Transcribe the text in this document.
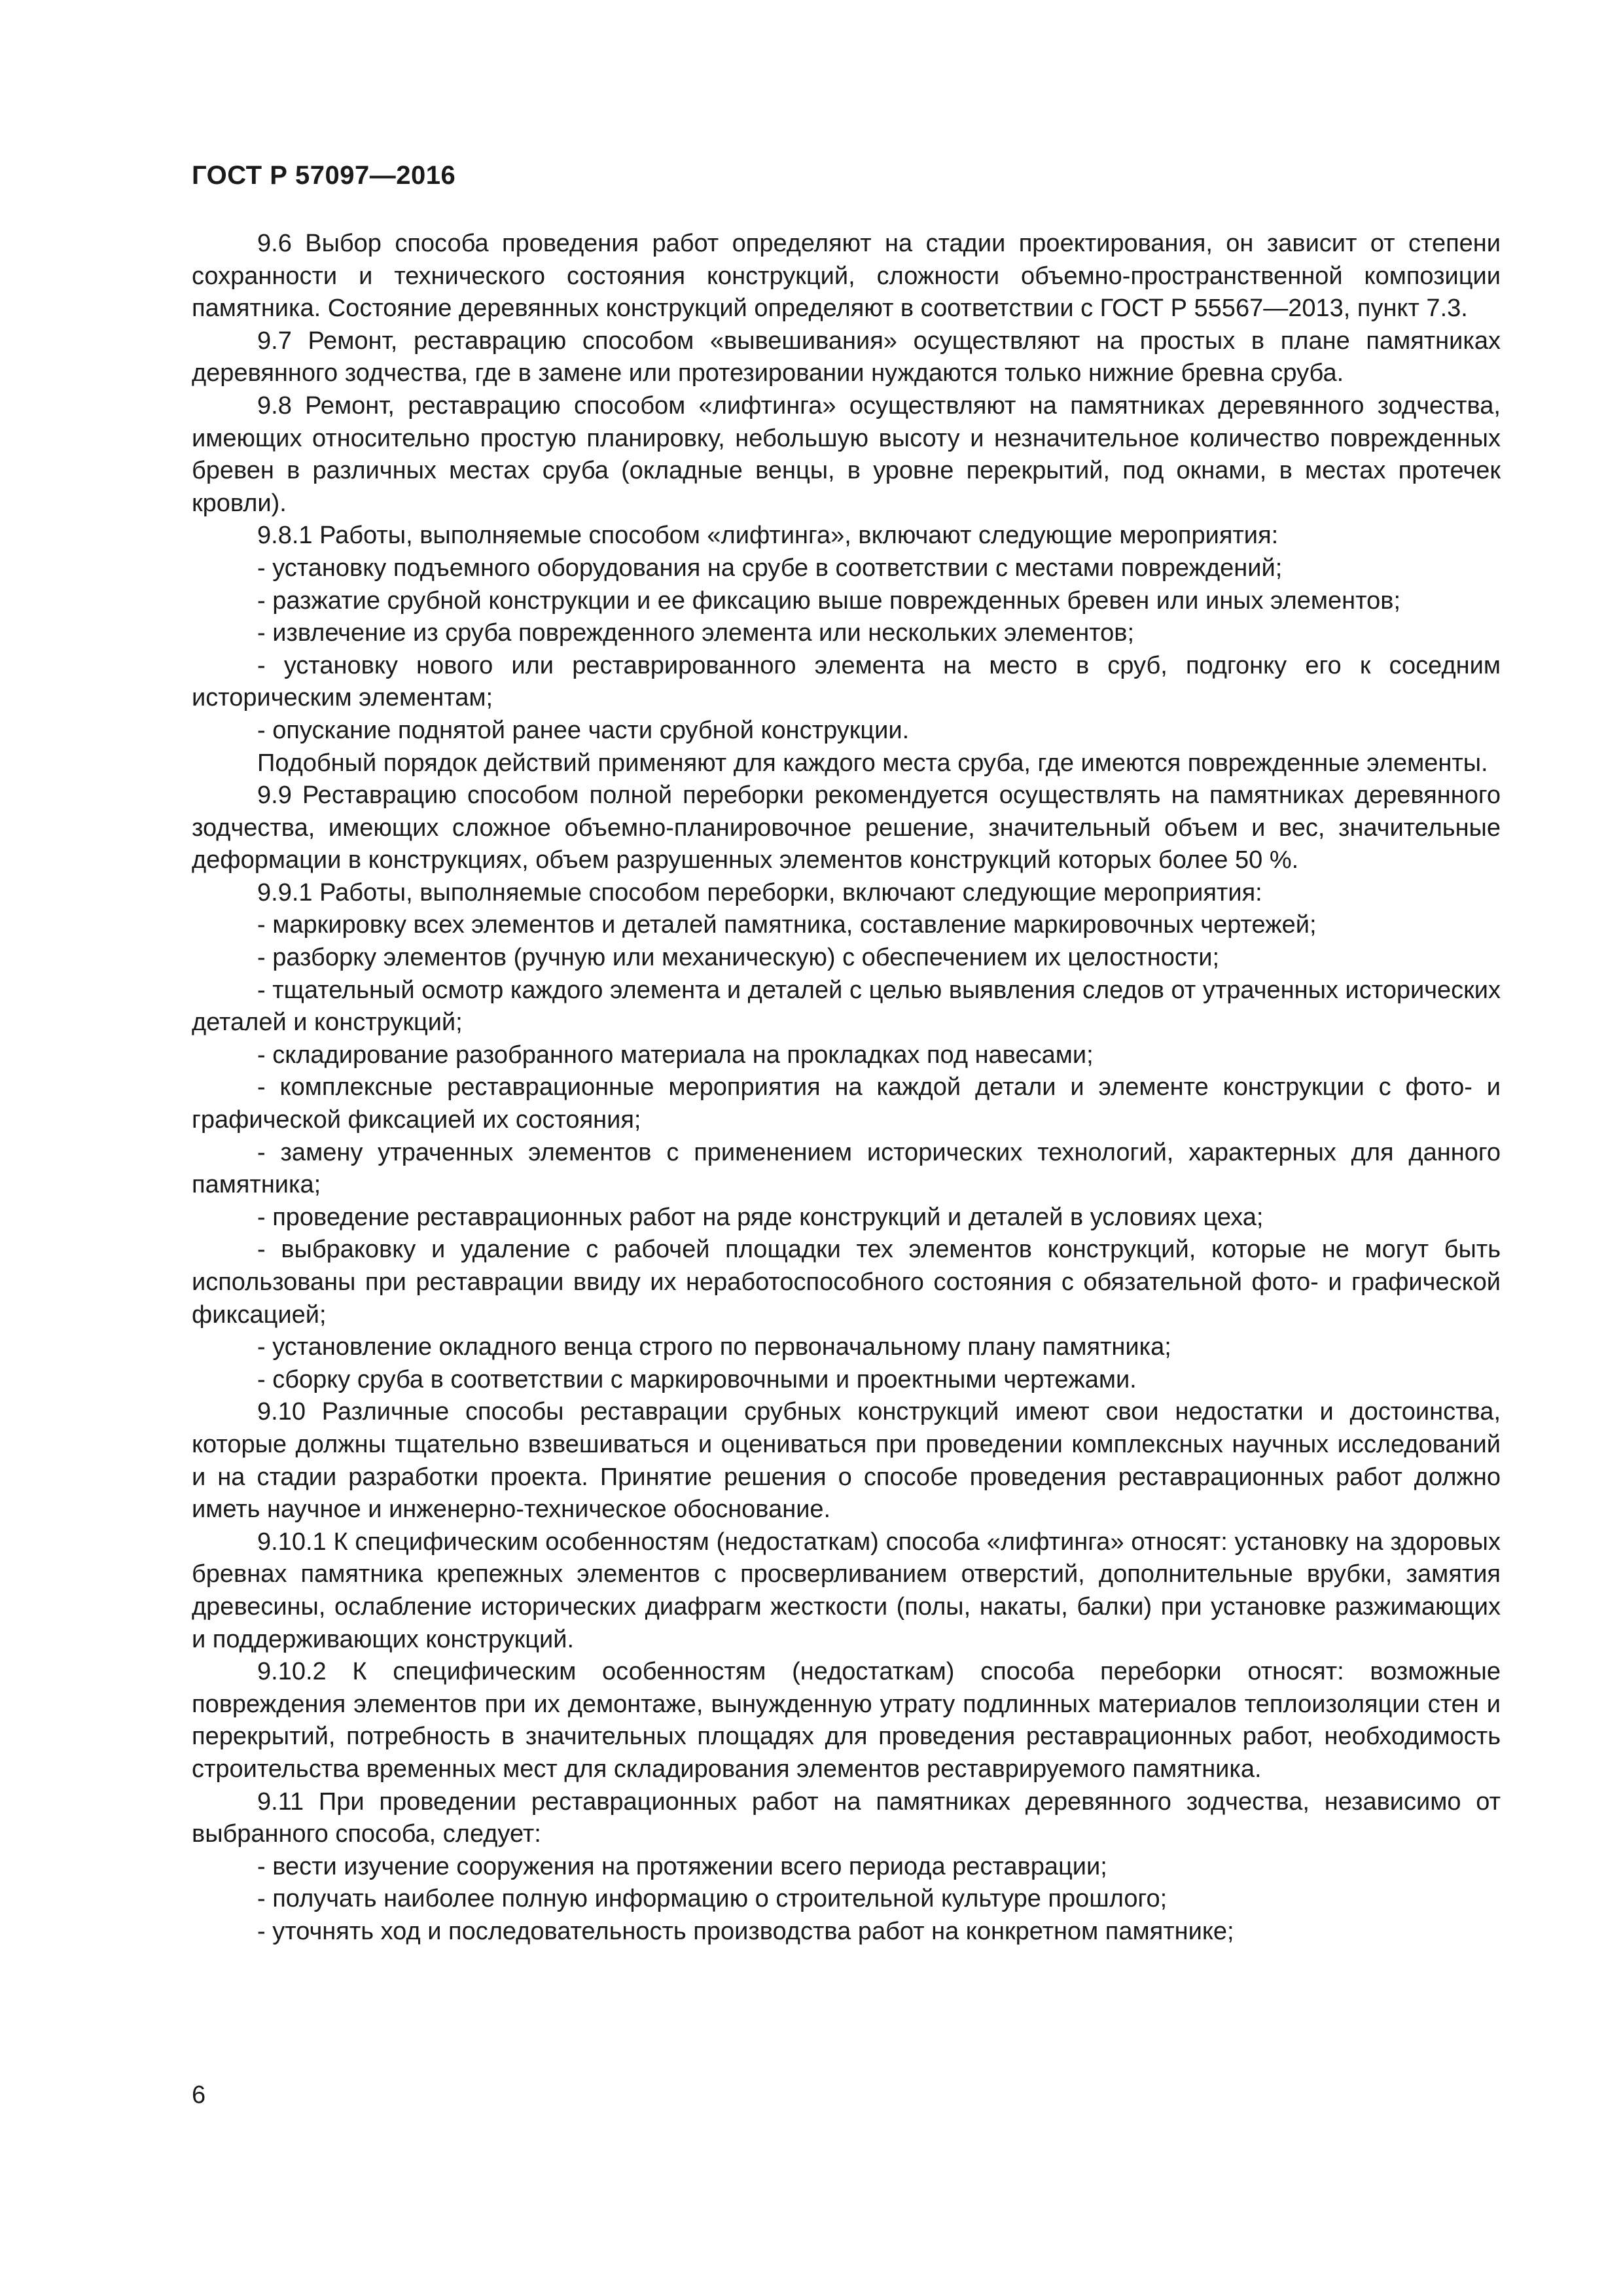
ГОСТ Р 57097—2016

9.6 Выбор способа проведения работ определяют на стадии проектирования, он зависит от степени сохранности и технического состояния конструкций, сложности объемно-пространственной композиции памятника. Состояние деревянных конструкций определяют в соответствии с ГОСТ Р 55567—2013, пункт 7.3.

9.7 Ремонт, реставрацию способом «вывешивания» осуществляют на простых в плане памятниках деревянного зодчества, где в замене или протезировании нуждаются только нижние бревна сруба.

9.8 Ремонт, реставрацию способом «лифтинга» осуществляют на памятниках деревянного зодчества, имеющих относительно простую планировку, небольшую высоту и незначительное количество поврежденных бревен в различных местах сруба (окладные венцы, в уровне перекрытий, под окнами, в местах протечек кровли).

9.8.1 Работы, выполняемые способом «лифтинга», включают следующие мероприятия:

- установку подъемного оборудования на срубе в соответствии с местами повреждений;

- разжатие срубной конструкции и ее фиксацию выше поврежденных бревен или иных элементов;

- извлечение из сруба поврежденного элемента или нескольких элементов;

- установку нового или реставрированного элемента на место в сруб, подгонку его к соседним историческим элементам;

- опускание поднятой ранее части срубной конструкции.

Подобный порядок действий применяют для каждого места сруба, где имеются поврежденные элементы.

9.9 Реставрацию способом полной переборки рекомендуется осуществлять на памятниках деревянного зодчества, имеющих сложное объемно-планировочное решение, значительный объем и вес, значительные деформации в конструкциях, объем разрушенных элементов конструкций которых более 50 %.

9.9.1 Работы, выполняемые способом переборки, включают следующие мероприятия:

- маркировку всех элементов и деталей памятника, составление маркировочных чертежей;

- разборку элементов (ручную или механическую) с обеспечением их целостности;

- тщательный осмотр каждого элемента и деталей с целью выявления следов от утраченных исторических деталей и конструкций;

- складирование разобранного материала на прокладках под навесами;

- комплексные реставрационные мероприятия на каждой детали и элементе конструкции с фото- и графической фиксацией их состояния;

- замену утраченных элементов с применением исторических технологий, характерных для данного памятника;

- проведение реставрационных работ на ряде конструкций и деталей в условиях цеха;

- выбраковку и удаление с рабочей площадки тех элементов конструкций, которые не могут быть использованы при реставрации ввиду их неработоспособного состояния с обязательной фото- и графической фиксацией;

- установление окладного венца строго по первоначальному плану памятника;

- сборку сруба в соответствии с маркировочными и проектными чертежами.

9.10 Различные способы реставрации срубных конструкций имеют свои недостатки и достоинства, которые должны тщательно взвешиваться и оцениваться при проведении комплексных научных исследований и на стадии разработки проекта. Принятие решения о способе проведения реставрационных работ должно иметь научное и инженерно-техническое обоснование.

9.10.1 К специфическим особенностям (недостаткам) способа «лифтинга» относят: установку на здоровых бревнах памятника крепежных элементов с просверливанием отверстий, дополнительные врубки, замятия древесины, ослабление исторических диафрагм жесткости (полы, накаты, балки) при установке разжимающих и поддерживающих конструкций.

9.10.2 К специфическим особенностям (недостаткам) способа переборки относят: возможные повреждения элементов при их демонтаже, вынужденную утрату подлинных материалов теплоизоляции стен и перекрытий, потребность в значительных площадях для проведения реставрационных работ, необходимость строительства временных мест для складирования элементов реставрируемого памятника.

9.11 При проведении реставрационных работ на памятниках деревянного зодчества, независимо от выбранного способа, следует:

- вести изучение сооружения на протяжении всего периода реставрации;

- получать наиболее полную информацию о строительной культуре прошлого;

- уточнять ход и последовательность производства работ на конкретном памятнике;

6
